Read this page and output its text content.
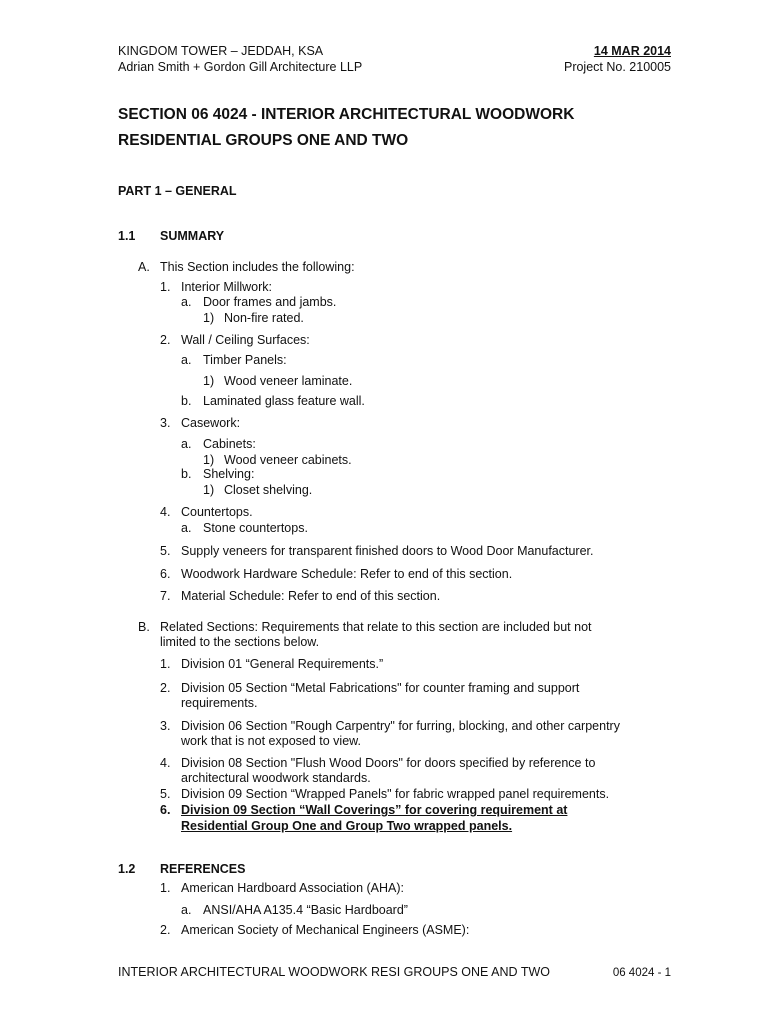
KINGDOM TOWER – JEDDAH, KSA
Adrian Smith + Gordon Gill Architecture LLP
14 MAR 2014
Project No. 210005
SECTION 06 4024 - INTERIOR ARCHITECTURAL WOODWORK
RESIDENTIAL GROUPS ONE AND TWO
PART 1 – GENERAL
1.1 SUMMARY
A. This Section includes the following:
1. Interior Millwork:
a. Door frames and jambs.
1) Non-fire rated.
2. Wall / Ceiling Surfaces:
a. Timber Panels:
1) Wood veneer laminate.
b. Laminated glass feature wall.
3. Casework:
a. Cabinets:
1) Wood veneer cabinets.
b. Shelving:
1) Closet shelving.
4. Countertops.
a. Stone countertops.
5. Supply veneers for transparent finished doors to Wood Door Manufacturer.
6. Woodwork Hardware Schedule: Refer to end of this section.
7. Material Schedule: Refer to end of this section.
B. Related Sections: Requirements that relate to this section are included but not
limited to the sections below.
1. Division 01 “General Requirements.”
2. Division 05 Section “Metal Fabrications" for counter framing and support
requirements.
3. Division 06 Section "Rough Carpentry" for furring, blocking, and other carpentry
work that is not exposed to view.
4. Division 08 Section "Flush Wood Doors" for doors specified by reference to
architectural woodwork standards.
5. Division 09 Section “Wrapped Panels" for fabric wrapped panel requirements.
6. Division 09 Section “Wall Coverings” for covering requirement at
Residential Group One and Group Two wrapped panels.
1.2 REFERENCES
1. American Hardboard Association (AHA):
a. ANSI/AHA A135.4 “Basic Hardboard”
2. American Society of Mechanical Engineers (ASME):
INTERIOR ARCHITECTURAL WOODWORK RESI GROUPS ONE AND TWO	06 4024 - 1
